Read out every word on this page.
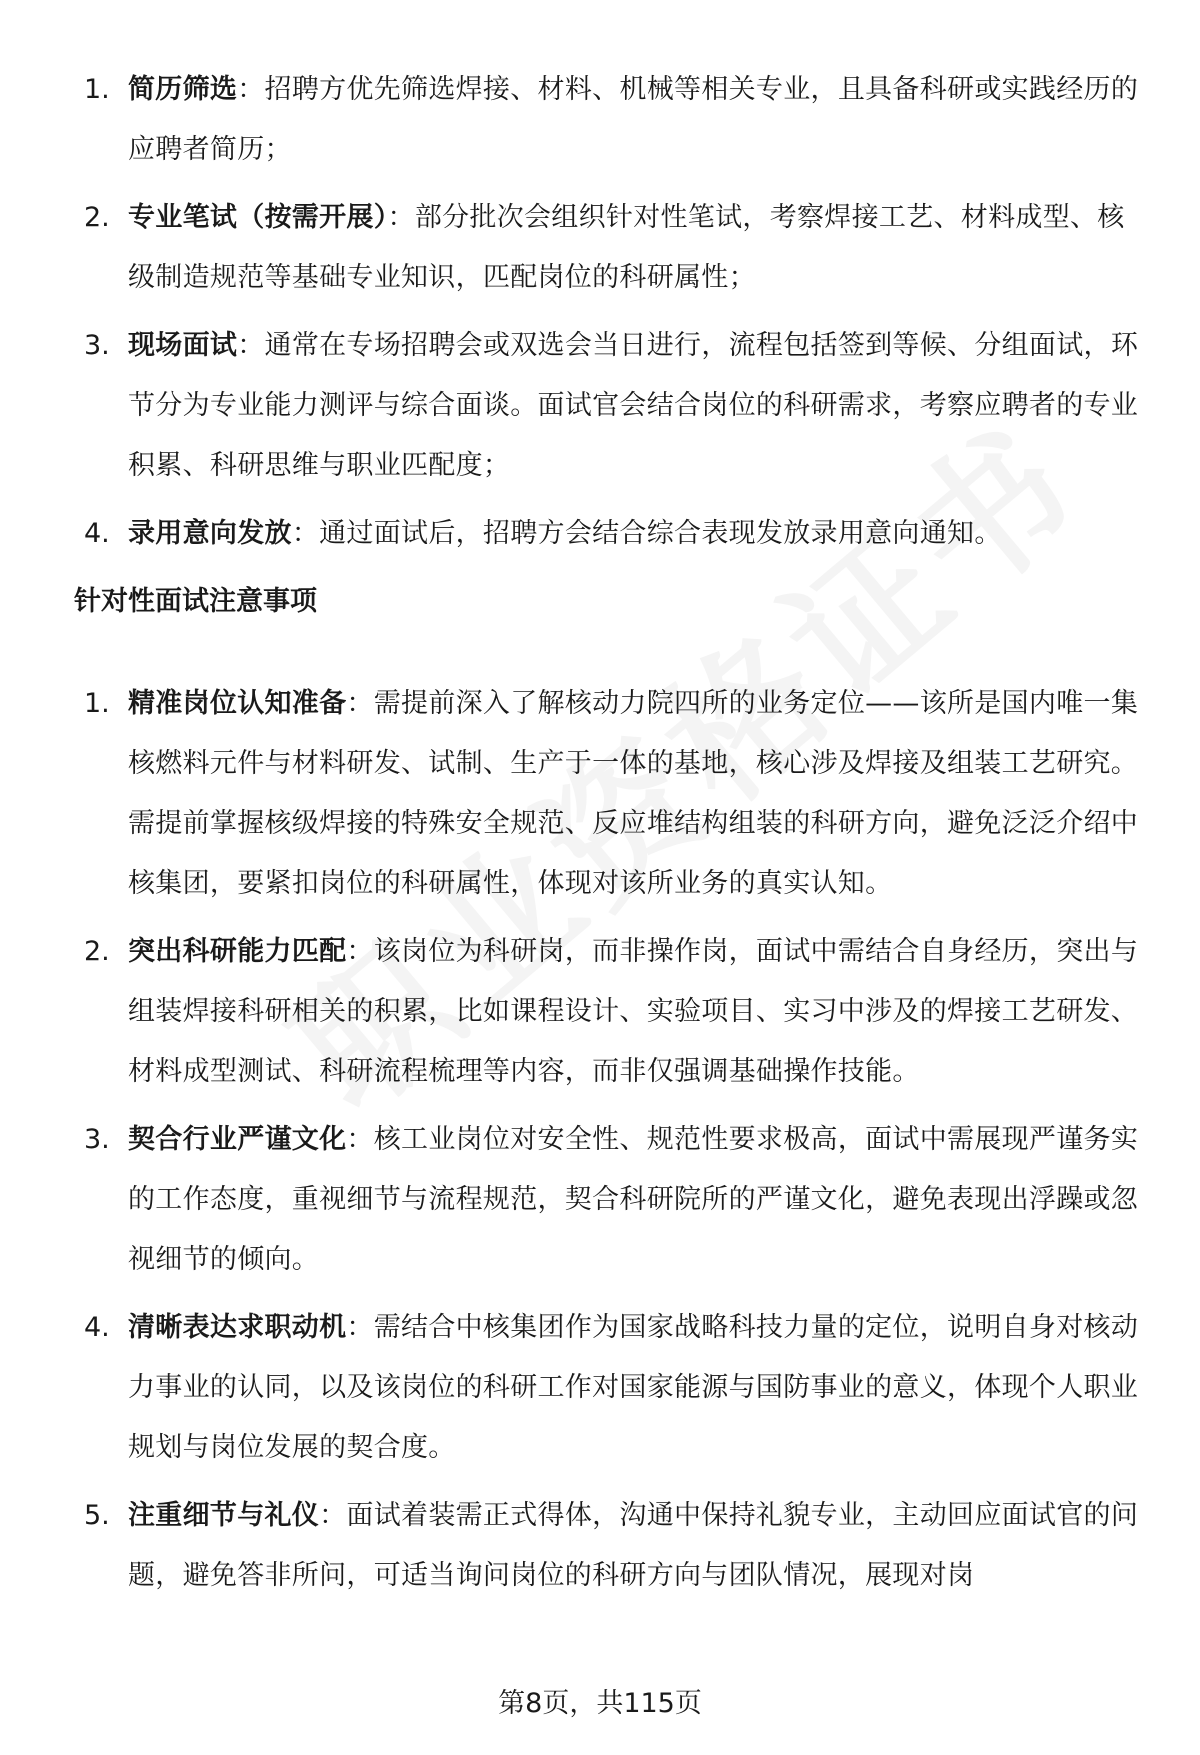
1. 简历筛选：招聘方优先筛选焊接、材料、机械等相关专业，且具备科研或实践经历的应聘者简历；
2. 专业笔试（按需开展）：部分批次会组织针对性笔试，考察焊接工艺、材料成型、核级制造规范等基础专业知识，匹配岗位的科研属性；
3. 现场面试：通常在专场招聘会或双选会当日进行，流程包括签到等候、分组面试，环节分为专业能力测评与综合面谈。面试官会结合岗位的科研需求，考察应聘者的专业积累、科研思维与职业匹配度；
4. 录用意向发放：通过面试后，招聘方会结合综合表现发放录用意向通知。
针对性面试注意事项
1. 精准岗位认知准备：需提前深入了解核动力院四所的业务定位——该所是国内唯一集核燃料元件与材料研发、试制、生产于一体的基地，核心涉及焊接及组装工艺研究。需提前掌握核级焊接的特殊安全规范、反应堆结构组装的科研方向，避免泛泛介绍中核集团，要紧扣岗位的科研属性，体现对该所业务的真实认知。
2. 突出科研能力匹配：该岗位为科研岗，而非操作岗，面试中需结合自身经历，突出与组装焊接科研相关的积累，比如课程设计、实验项目、实习中涉及的焊接工艺研发、材料成型测试、科研流程梳理等内容，而非仅强调基础操作技能。
3. 契合行业严谨文化：核工业岗位对安全性、规范性要求极高，面试中需展现严谨务实的工作态度，重视细节与流程规范，契合科研院所的严谨文化，避免表现出浮躁或忽视细节的倾向。
4. 清晰表达求职动机：需结合中核集团作为国家战略科技力量的定位，说明自身对核动力事业的认同，以及该岗位的科研工作对国家能源与国防事业的意义，体现个人职业规划与岗位发展的契合度。
5. 注重细节与礼仪：面试着装需正式得体，沟通中保持礼貌专业，主动回应面试官的问题，避免答非所问，可适当询问岗位的科研方向与团队情况，展现对岗
第8页，共115页
